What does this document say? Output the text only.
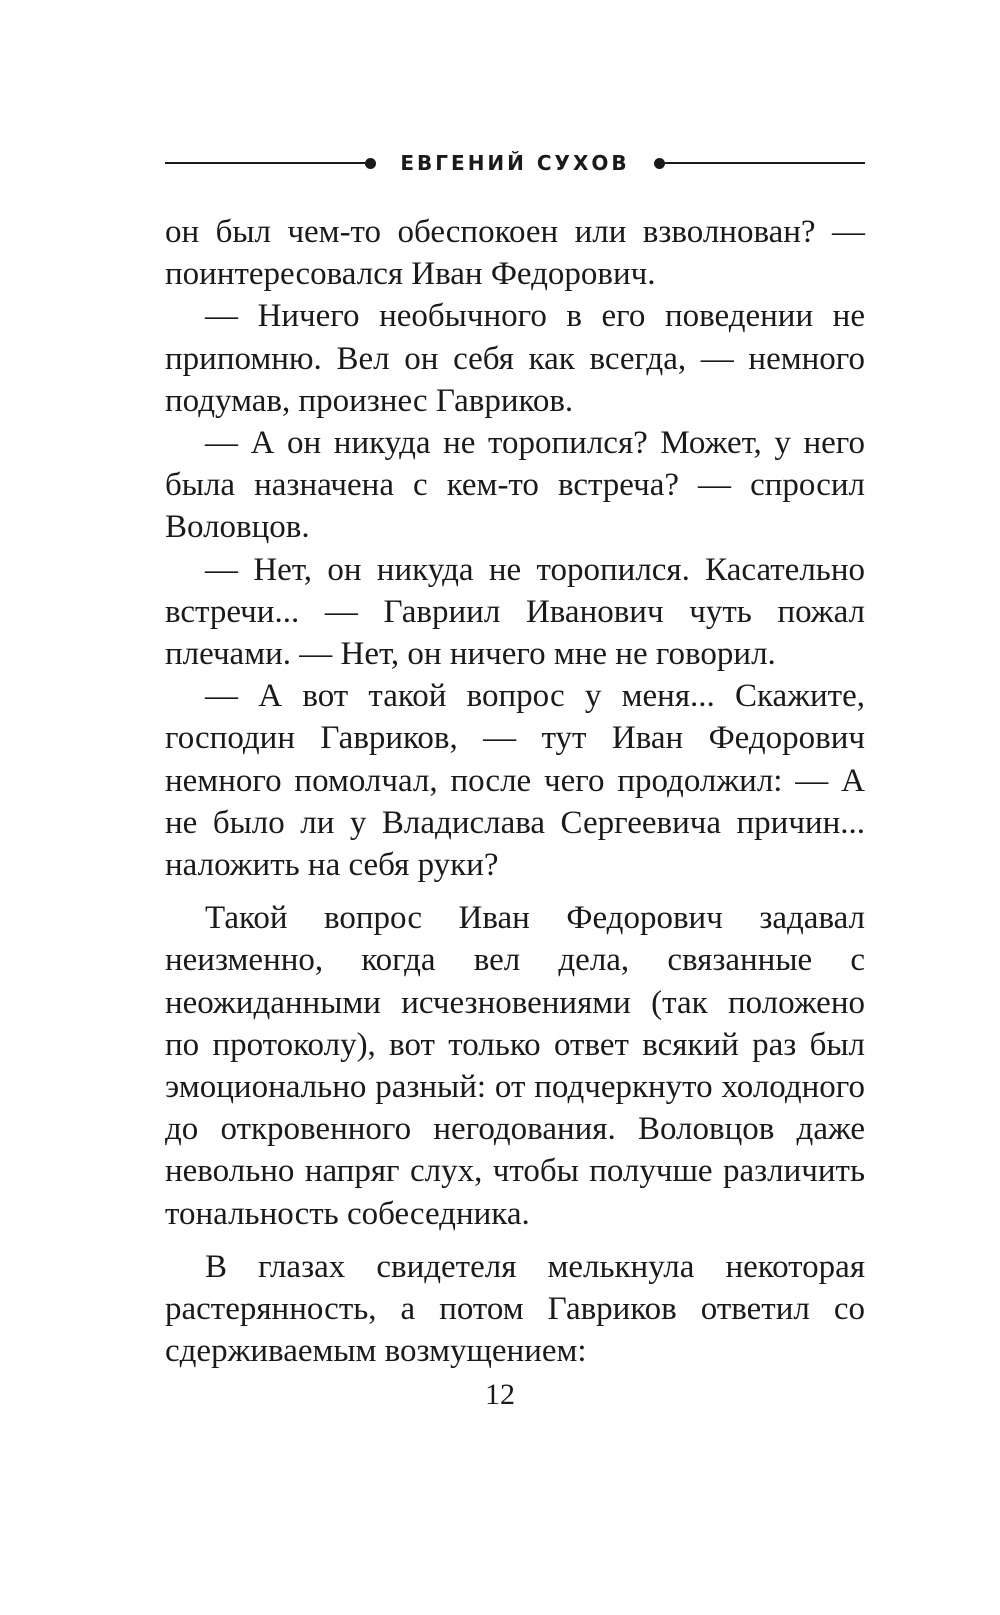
ЕВГЕНИЙ СУХОВ

он был чем-то обеспокоен или взволнован? — поинтересовался Иван Федорович.

— Ничего необычного в его поведении не припомню. Вел он себя как всегда, — немного подумав, произнес Гавриков.

— А он никуда не торопился? Может, у него была назначена с кем-то встреча? — спросил Воловцов.

— Нет, он никуда не торопился. Касательно встречи... — Гавриил Иванович чуть пожал плечами. — Нет, он ничего мне не говорил.

— А вот такой вопрос у меня... Скажите, господин Гавриков, — тут Иван Федорович немного помолчал, после чего продолжил: — А не было ли у Владислава Сергеевича причин... наложить на себя руки?

Такой вопрос Иван Федорович задавал неизменно, когда вел дела, связанные с неожиданными исчезновениями (так положено по протоколу), вот только ответ всякий раз был эмоционально разный: от подчеркнуто холодного до откровенного негодования. Воловцов даже невольно напряг слух, чтобы получше различить тональность собеседника.

В глазах свидетеля мелькнула некоторая растерянность, а потом Гавриков ответил со сдерживаемым возмущением:

12
